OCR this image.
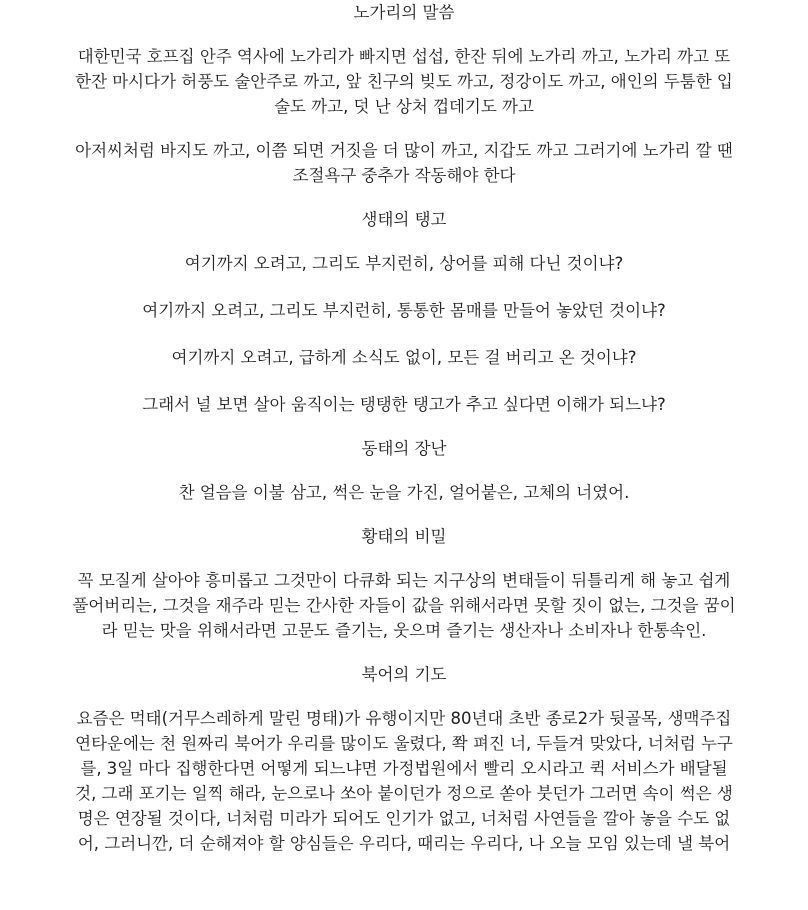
노가리의 말씀

대한민국 호프집 안주 역사에 노가리가 빠지면 섭섭, 한잔 뒤에 노가리 까고, 노가리 까고 또 한잔 마시다가 허풍도 술안주로 까고, 앞 친구의 빚도 까고, 정강이도 까고, 애인의 두툼한 입술도 까고, 덧 난 상처 껍데기도 까고

아저씨처럼 바지도 까고, 이쯤 되면 거짓을 더 많이 까고, 지갑도 까고 그러기에 노가리 깔 땐 조절욕구 중추가 작동해야 한다

생태의 탱고

여기까지 오려고, 그리도 부지런히, 상어를 피해 다닌 것이냐?

여기까지 오려고, 그리도 부지런히, 통통한 몸매를 만들어 놓았던 것이냐?

여기까지 오려고, 급하게 소식도 없이, 모든 걸 버리고 온 것이냐?

그래서 널 보면 살아 움직이는 탱탱한 탱고가 추고 싶다면 이해가 되느냐?

동태의 장난

찬 얼음을 이불 삼고, 썩은 눈을 가진, 얼어붙은, 고체의 너였어.

황태의 비밀

꼭 모질게 살아야 흥미롭고 그것만이 다큐화 되는 지구상의 변태들이 뒤틀리게 해 놓고 쉽게 풀어버리는, 그것을 재주라 믿는 간사한 자들이 값을 위해서라면 못할 짓이 없는, 그것을 꿈이라 믿는 맛을 위해서라면 고문도 즐기는, 웃으며 즐기는 생산자나 소비자나 한통속인.

북어의 기도

요즘은 먹태(거무스레하게 말린 명태)가 유행이지만 80년대 초반 종로2가 뒷골목, 생맥주집 연타운에는 천 원짜리 북어가 우리를 많이도 울렸다, 쫙 펴진 너, 두들겨 맞았다, 너처럼 누구를, 3일 마다 집행한다면 어떻게 되느냐면 가정법원에서 빨리 오시라고 퀵 서비스가 배달될 것, 그래 포기는 일찍 해라, 눈으로나 쏘아 붙이던가 정으로 쏟아 붓던가 그러면 속이 썩은 생명은 연장될 것이다, 너처럼 미라가 되어도 인기가 없고, 너처럼 사연들을 깔아 놓을 수도 없어, 그러니깐, 더 순해져야 할 양심들은 우리다, 때리는 우리다, 나 오늘 모임 있는데 낼 북어
